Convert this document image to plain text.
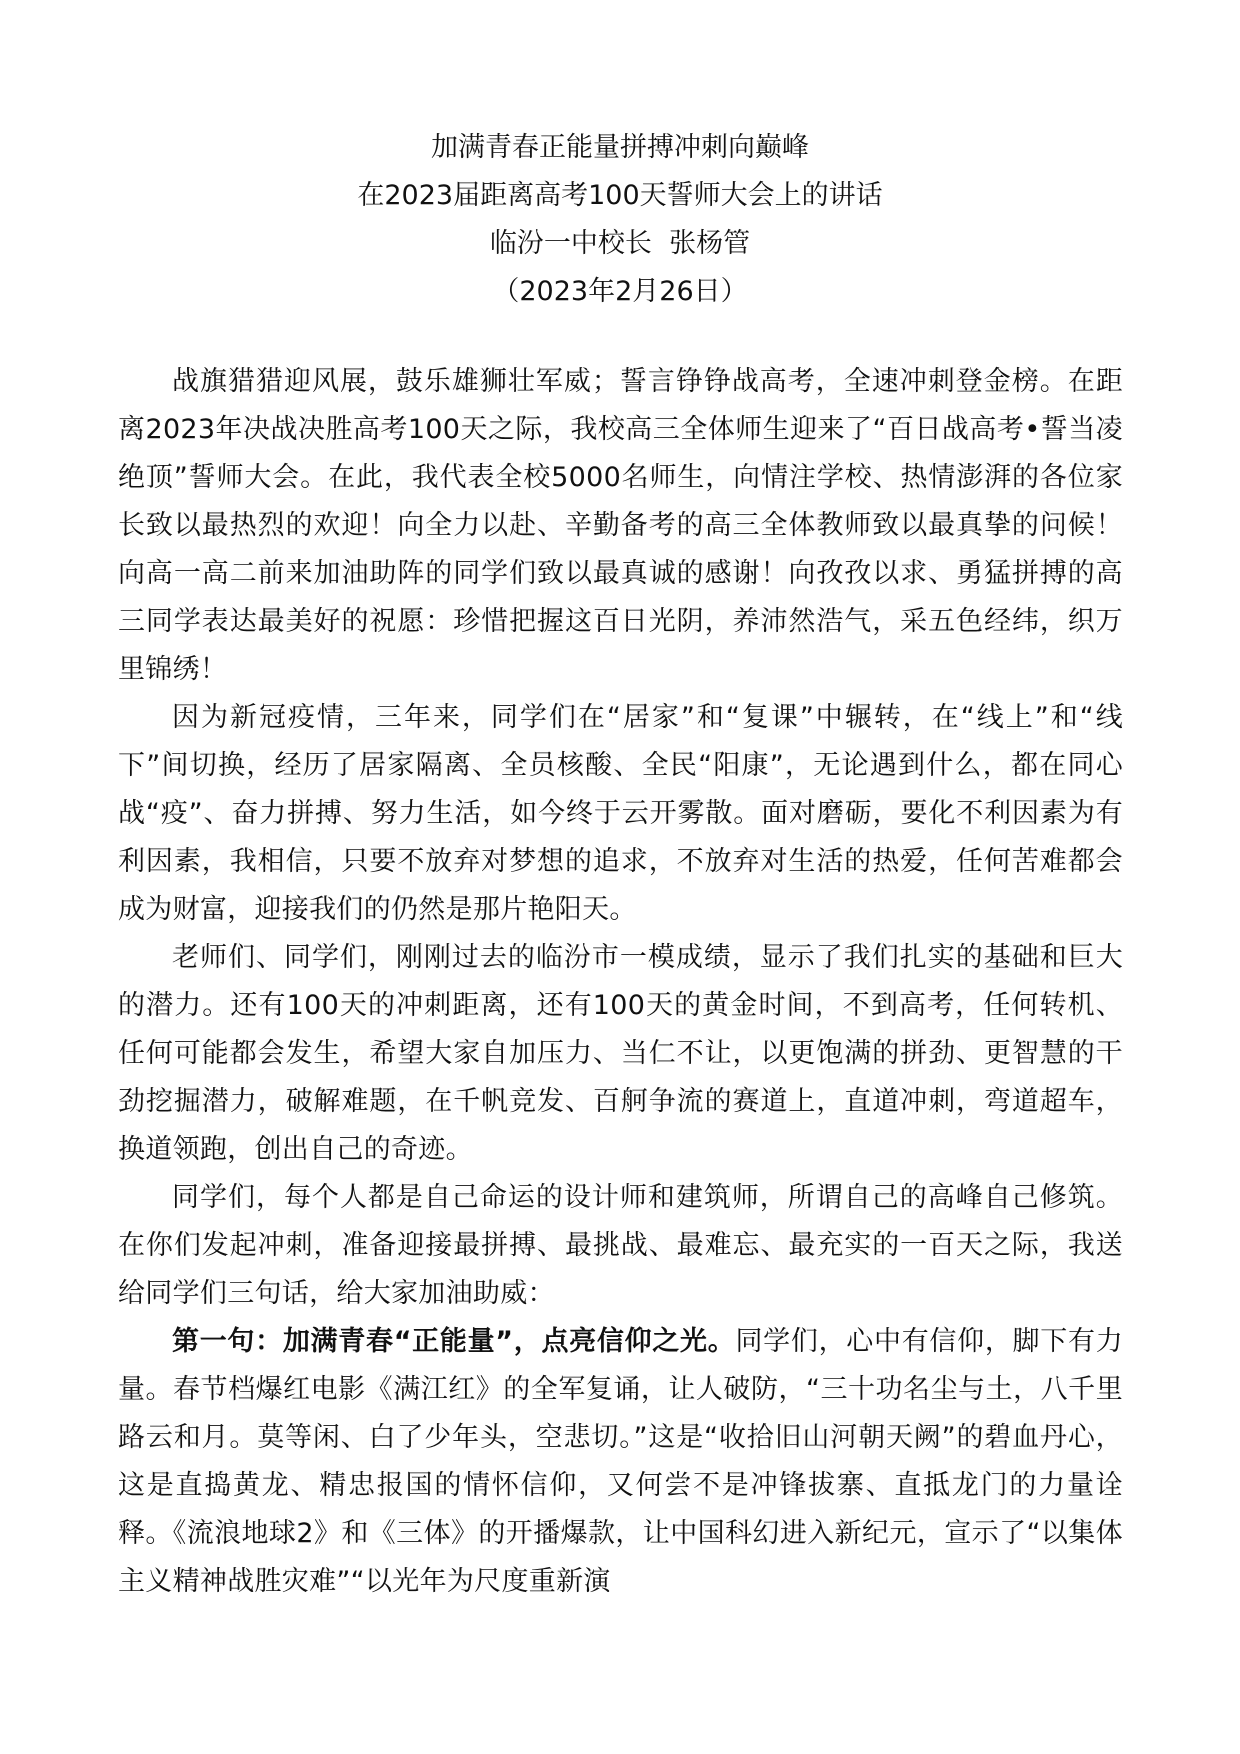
加满青春正能量拼搏冲刺向巅峰
在2023届距离高考100天誓师大会上的讲话
临汾一中校长  张杨管
（2023年2月26日）

战旗猎猎迎风展，鼓乐雄狮壮军威；誓言铮铮战高考，全速冲刺登金榜。在距离2023年决战决胜高考100天之际，我校高三全体师生迎来了“百日战高考•誓当凌绝顶”誓师大会。在此，我代表全校5000名师生，向情注学校、热情澎湃的各位家长致以最热烈的欢迎！向全力以赴、辛勤备考的高三全体教师致以最真挚的问候！向高一高二前来加油助阵的同学们致以最真诚的感谢！向孜孜以求、勇猛拼搏的高三同学表达最美好的祝愿：珍惜把握这百日光阴，养沛然浩气，采五色经纬，织万里锦绣！

因为新冠疫情，三年来，同学们在“居家”和“复课”中辗转，在“线上”和“线下”间切换，经历了居家隔离、全员核酸、全民“阳康”，无论遇到什么，都在同心战“疫”、奋力拼搏、努力生活，如今终于云开雾散。面对磨砺，要化不利因素为有利因素，我相信，只要不放弃对梦想的追求，不放弃对生活的热爱，任何苦难都会成为财富，迎接我们的仍然是那片艳阳天。

老师们、同学们，刚刚过去的临汾市一模成绩，显示了我们扎实的基础和巨大的潜力。还有100天的冲刺距离，还有100天的黄金时间，不到高考，任何转机、任何可能都会发生，希望大家自加压力、当仁不让，以更饱满的拼劲、更智慧的干劲挖掘潜力，破解难题，在千帆竞发、百舸争流的赛道上，直道冲刺，弯道超车，换道领跑，创出自己的奇迹。

同学们，每个人都是自己命运的设计师和建筑师，所谓自己的高峰自己修筑。在你们发起冲刺，准备迎接最拼搏、最挑战、最难忘、最充实的一百天之际，我送给同学们三句话，给大家加油助威：

第一句：加满青春“正能量”，点亮信仰之光。同学们，心中有信仰，脚下有力量。春节档爆红电影《满江红》的全军复诵，让人破防，“三十功名尘与土，八千里路云和月。莫等闲、白了少年头，空悲切。”这是“收拾旧山河朝天阙”的碧血丹心，这是直捣黄龙、精忠报国的情怀信仰，又何尝不是冲锋拔寨、直抵龙门的力量诠释。《流浪地球2》和《三体》的开播爆款，让中国科幻进入新纪元，宣示了“以集体主义精神战胜灾难”“以光年为尺度重新演
